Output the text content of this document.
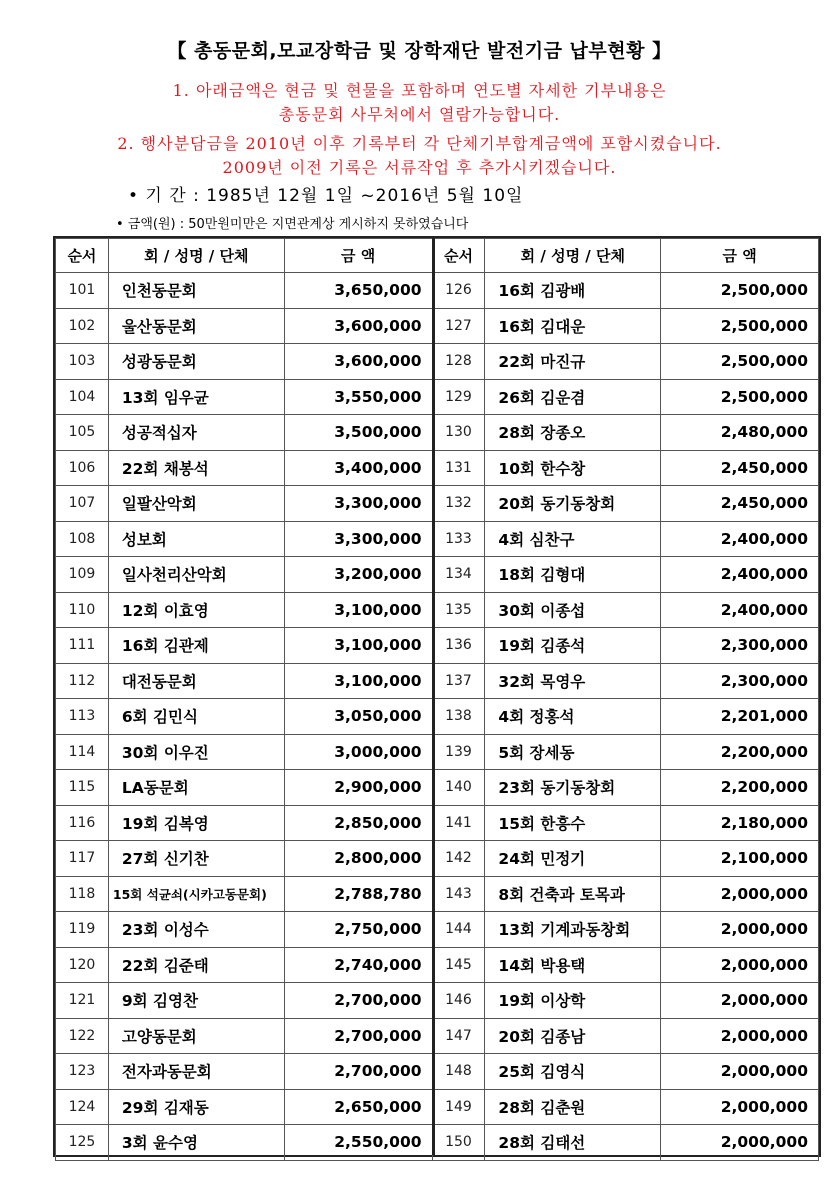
【 총동문회,모교장학금 및 장학재단 발전기금 납부현황 】
1. 아래금액은 현금 및 현물을 포함하며 연도별 자세한 기부내용은
총동문회 사무처에서 열람가능합니다.
2. 행사분담금을 2010년 이후 기록부터 각 단체기부합계금액에 포함시켰습니다.
2009년 이전 기록은 서류작업 후 추가시키겠습니다.
• 기 간 : 1985년 12월 1일 ~2016년 5월 10일
• 금액(원) : 50만원미만은 지면관계상 게시하지 못하였습니다
순서	회 / 성명 / 단체	금 액	순서	회 / 성명 / 단체	금 액
101	인천동문회	3,650,000	126	16회 김광배	2,500,000
102	울산동문회	3,600,000	127	16회 김대운	2,500,000
103	성광동문회	3,600,000	128	22회 마진규	2,500,000
104	13회 임우균	3,550,000	129	26회 김운겸	2,500,000
105	성공적십자	3,500,000	130	28회 장종오	2,480,000
106	22회 채봉석	3,400,000	131	10회 한수창	2,450,000
107	일팔산악회	3,300,000	132	20회 동기동창회	2,450,000
108	성보회	3,300,000	133	4회 심찬구	2,400,000
109	일사천리산악회	3,200,000	134	18회 김형대	2,400,000
110	12회 이효영	3,100,000	135	30회 이종섭	2,400,000
111	16회 김관제	3,100,000	136	19회 김종석	2,300,000
112	대전동문회	3,100,000	137	32회 목영우	2,300,000
113	6회 김민식	3,050,000	138	4회 정홍석	2,201,000
114	30회 이우진	3,000,000	139	5회 장세동	2,200,000
115	LA동문회	2,900,000	140	23회 동기동창회	2,200,000
116	19회 김복영	2,850,000	141	15회 한흥수	2,180,000
117	27회 신기찬	2,800,000	142	24회 민정기	2,100,000
118	15회 석균쇠(시카고동문회)	2,788,780	143	8회 건축과 토목과	2,000,000
119	23회 이성수	2,750,000	144	13회 기계과동창회	2,000,000
120	22회 김준태	2,740,000	145	14회 박용택	2,000,000
121	9회 김영찬	2,700,000	146	19회 이상학	2,000,000
122	고양동문회	2,700,000	147	20회 김종남	2,000,000
123	전자과동문회	2,700,000	148	25회 김영식	2,000,000
124	29회 김재동	2,650,000	149	28회 김춘원	2,000,000
125	3회 윤수영	2,550,000	150	28회 김태선	2,000,000
